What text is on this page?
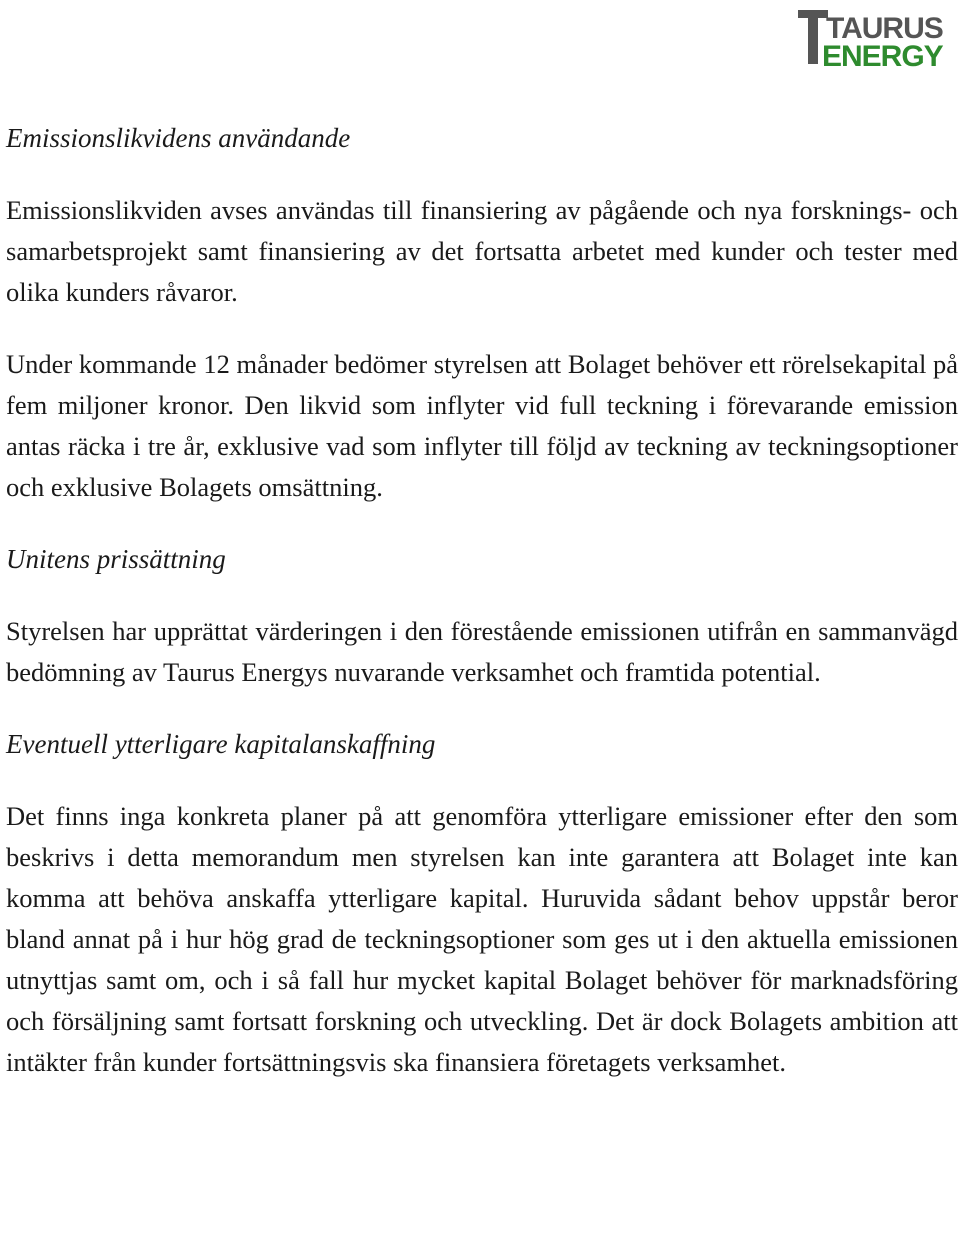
TAURUS
ENERGY
Emissionslikvidens användande

Emissionslikviden avses användas till finansiering av pågående och nya forsknings- och samarbetsprojekt samt finansiering av det fortsatta arbetet med kunder och tester med olika kunders råvaror.

Under kommande 12 månader bedömer styrelsen att Bolaget behöver ett rörelsekapital på fem miljoner kronor. Den likvid som inflyter vid full teckning i förevarande emission antas räcka i tre år, exklusive vad som inflyter till följd av teckning av teckningsoptioner och exklusive Bolagets omsättning.

Unitens prissättning

Styrelsen har upprättat värderingen i den förestående emissionen utifrån en sammanvägd bedömning av Taurus Energys nuvarande verksamhet och framtida potential.

Eventuell ytterligare kapitalanskaffning

Det finns inga konkreta planer på att genomföra ytterligare emissioner efter den som beskrivs i detta memorandum men styrelsen kan inte garantera att Bolaget inte kan komma att behöva anskaffa ytterligare kapital. Huruvida sådant behov uppstår beror bland annat på i hur hög grad de teckningsoptioner som ges ut i den aktuella emissionen utnyttjas samt om, och i så fall hur mycket kapital Bolaget behöver för marknadsföring och försäljning samt fortsatt forskning och utveckling. Det är dock Bolagets ambition att intäkter från kunder fortsättningsvis ska finansiera företagets verksamhet.
